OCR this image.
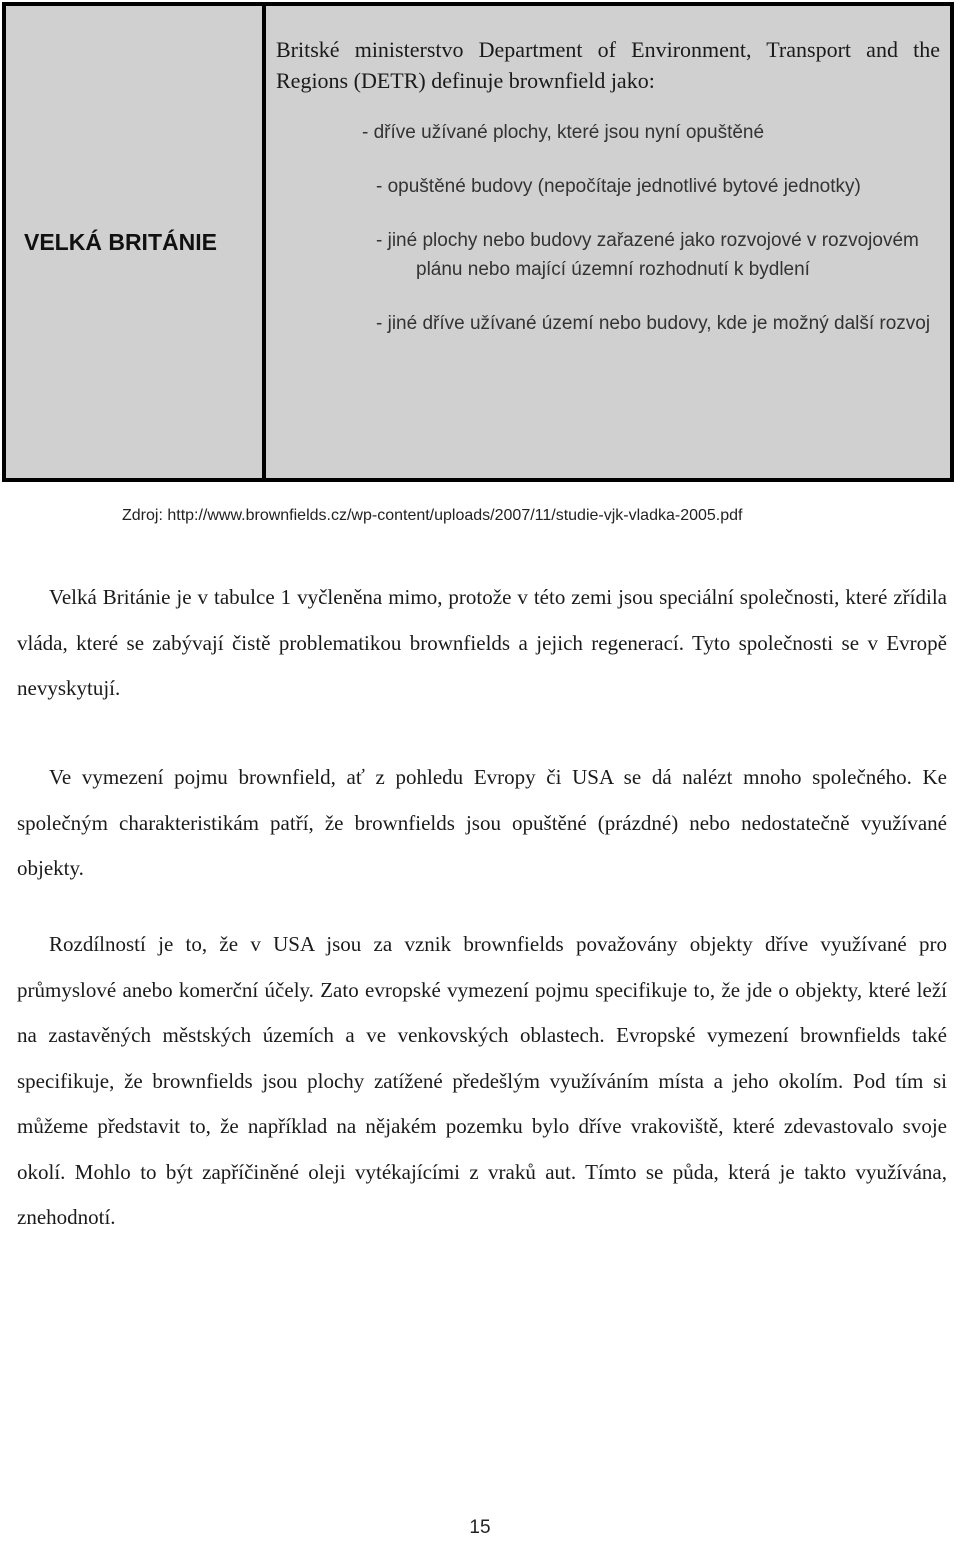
VELKÁ BRITÁNIE

Britské ministerstvo Department of Environment, Transport and the Regions (DETR) definuje brownfield jako:

- dříve užívané plochy, které jsou nyní opuštěné
- opuštěné budovy (nepočítaje jednotlivé bytové jednotky)
- jiné plochy nebo budovy zařazené jako rozvojové v rozvojovém plánu nebo mající územní rozhodnutí k bydlení
- jiné dříve užívané území nebo budovy, kde je možný další rozvoj
Zdroj: http://www.brownfields.cz/wp-content/uploads/2007/11/studie-vjk-vladka-2005.pdf

Velká Británie je v tabulce 1 vyčleněna mimo, protože v této zemi jsou speciální společnosti, které zřídila vláda, které se zabývají čistě problematikou brownfields a jejich regenerací. Tyto společnosti se v Evropě nevyskytují.

Ve vymezení pojmu brownfield, ať z pohledu Evropy či USA se dá nalézt mnoho společného. Ke společným charakteristikám patří, že brownfields jsou opuštěné (prázdné) nebo nedostatečně využívané objekty.

Rozdílností je to, že v USA jsou za vznik brownfields považovány objekty dříve využívané pro průmyslové anebo komerční účely. Zato evropské vymezení pojmu specifikuje to, že jde o objekty, které leží na zastavěných městských územích a ve venkovských oblastech. Evropské vymezení brownfields také specifikuje, že brownfields jsou plochy zatížené předešlým využíváním místa a jeho okolím. Pod tím si můžeme představit to, že například na nějakém pozemku bylo dříve vrakoviště, které zdevastovalo svoje okolí. Mohlo to být zapříčiněné oleji vytékajícími z vraků aut. Tímto se půda, která je takto využívána, znehodnotí.

15
